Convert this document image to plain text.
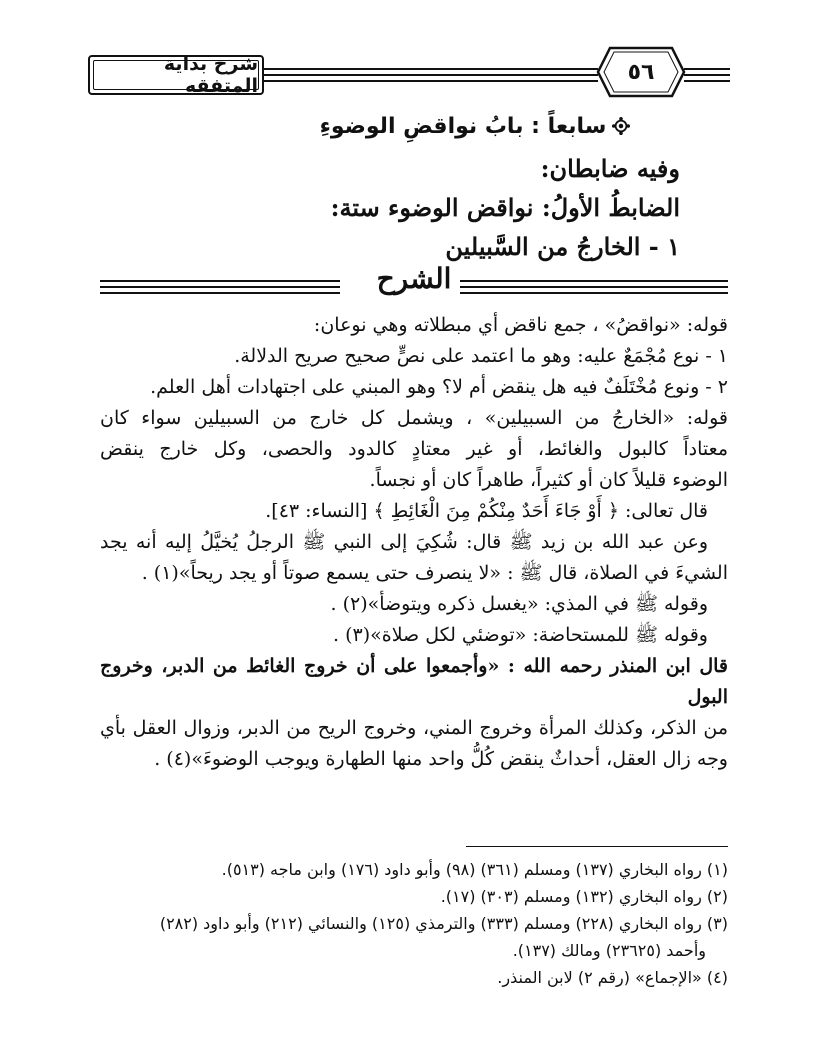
شرح بداية المتفقه
٥٦
سابعاً : بابُ نواقضِ الوضوءِ
وفيه ضابطان:
الضابطُ الأولُ: نواقض الوضوء ستة:
١ - الخارجُ من السَّبيلين
الشرح

قوله: «نواقضُ» ، جمع ناقض أي مبطلاته وهي نوعان:

١ - نوع مُجْمَعٌ عليه: وهو ما اعتمد على نصٍّ صحيح صريح الدلالة.

٢ - ونوع مُخْتَلَفٌ فيه هل ينقض أم لا؟ وهو المبني على اجتهادات أهل العلم.

قوله: «الخارجُ من السبيلين» ، ويشمل كل خارج من السبيلين سواء كان

معتاداً كالبول والغائط، أو غير معتادٍ كالدود والحصى، وكل خارج ينقض

الوضوء قليلاً كان أو كثيراً، طاهراً كان أو نجساً.

قال تعالى: ﴿ أَوْ جَاءَ أَحَدٌ مِنْكُمْ مِنَ الْغَائِطِ ﴾ [النساء: ٤٣].

وعن عبد الله بن زيد ﷺ قال: شُكِيَ إلى النبي ﷺ الرجلُ يُخيَّلُ إليه أنه يجد

الشيءَ في الصلاة، قال ﷺ : «لا ينصرف حتى يسمع صوتاً أو يجد ريحاً»(١) .

وقوله ﷺ في المذي: «يغسل ذكره ويتوضأ»(٢) .

وقوله ﷺ للمستحاضة: «توضئي لكل صلاة»(٣) .

قال ابن المنذر رحمه الله : «وأجمعوا على أن خروج الغائط من الدبر، وخروج البول

من الذكر، وكذلك المرأة وخروج المني، وخروج الريح من الدبر، وزوال العقل بأي

وجه زال العقل، أحداثٌ ينقض كُلُّ واحد منها الطهارة ويوجب الوضوءَ»(٤) .

(١) رواه البخاري (١٣٧) ومسلم (٣٦١) (٩٨) وأبو داود (١٧٦) وابن ماجه (٥١٣).

(٢) رواه البخاري (١٣٢) ومسلم (٣٠٣) (١٧).

(٣) رواه البخاري (٢٢٨) ومسلم (٣٣٣) والترمذي (١٢٥) والنسائي (٢١٢) وأبو داود (٢٨٢)

وأحمد (٢٣٦٢٥) ومالك (١٣٧).

(٤) «الإجماع» (رقم ٢) لابن المنذر.
